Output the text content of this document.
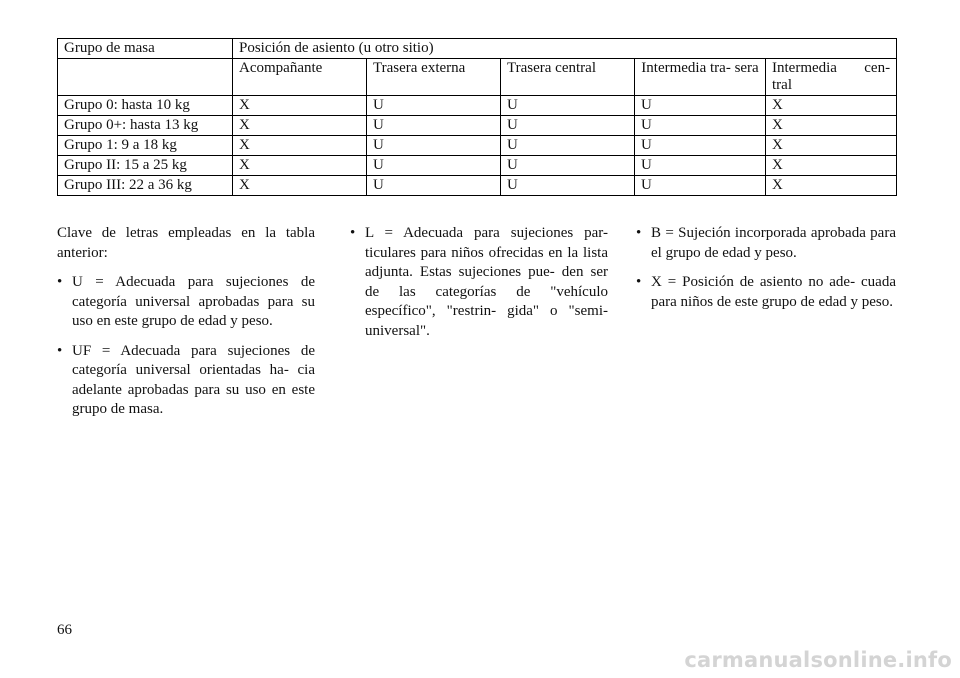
Grupo de masa	Posición de asiento (u otro sitio)				
	Acompañante	Trasera externa	Trasera central	Intermedia tra- sera	Intermedia cen- tral
Grupo 0: hasta 10 kg	X	U	U	U	X
Grupo 0+: hasta 13 kg	X	U	U	U	X
Grupo 1: 9 a 18 kg	X	U	U	U	X
Grupo II: 15 a 25 kg	X	U	U	U	X
Grupo III: 22 a 36 kg	X	U	U	U	X

Clave de letras empleadas en la tabla anterior:

• U = Adecuada para sujeciones de categoría universal aprobadas para su uso en este grupo de edad y peso.
• UF = Adecuada para sujeciones de categoría universal orientadas ha- cia adelante aprobadas para su uso en este grupo de masa.
• L = Adecuada para sujeciones par- ticulares para niños ofrecidas en la lista adjunta. Estas sujeciones pue- den ser de las categorías de "vehículo específico", "restrin- gida" o "semi-universal".
• B = Sujeción incorporada aprobada para el grupo de edad y peso.
• X = Posición de asiento no ade- cuada para niños de este grupo de edad y peso.
66
carmanualsonline.info
